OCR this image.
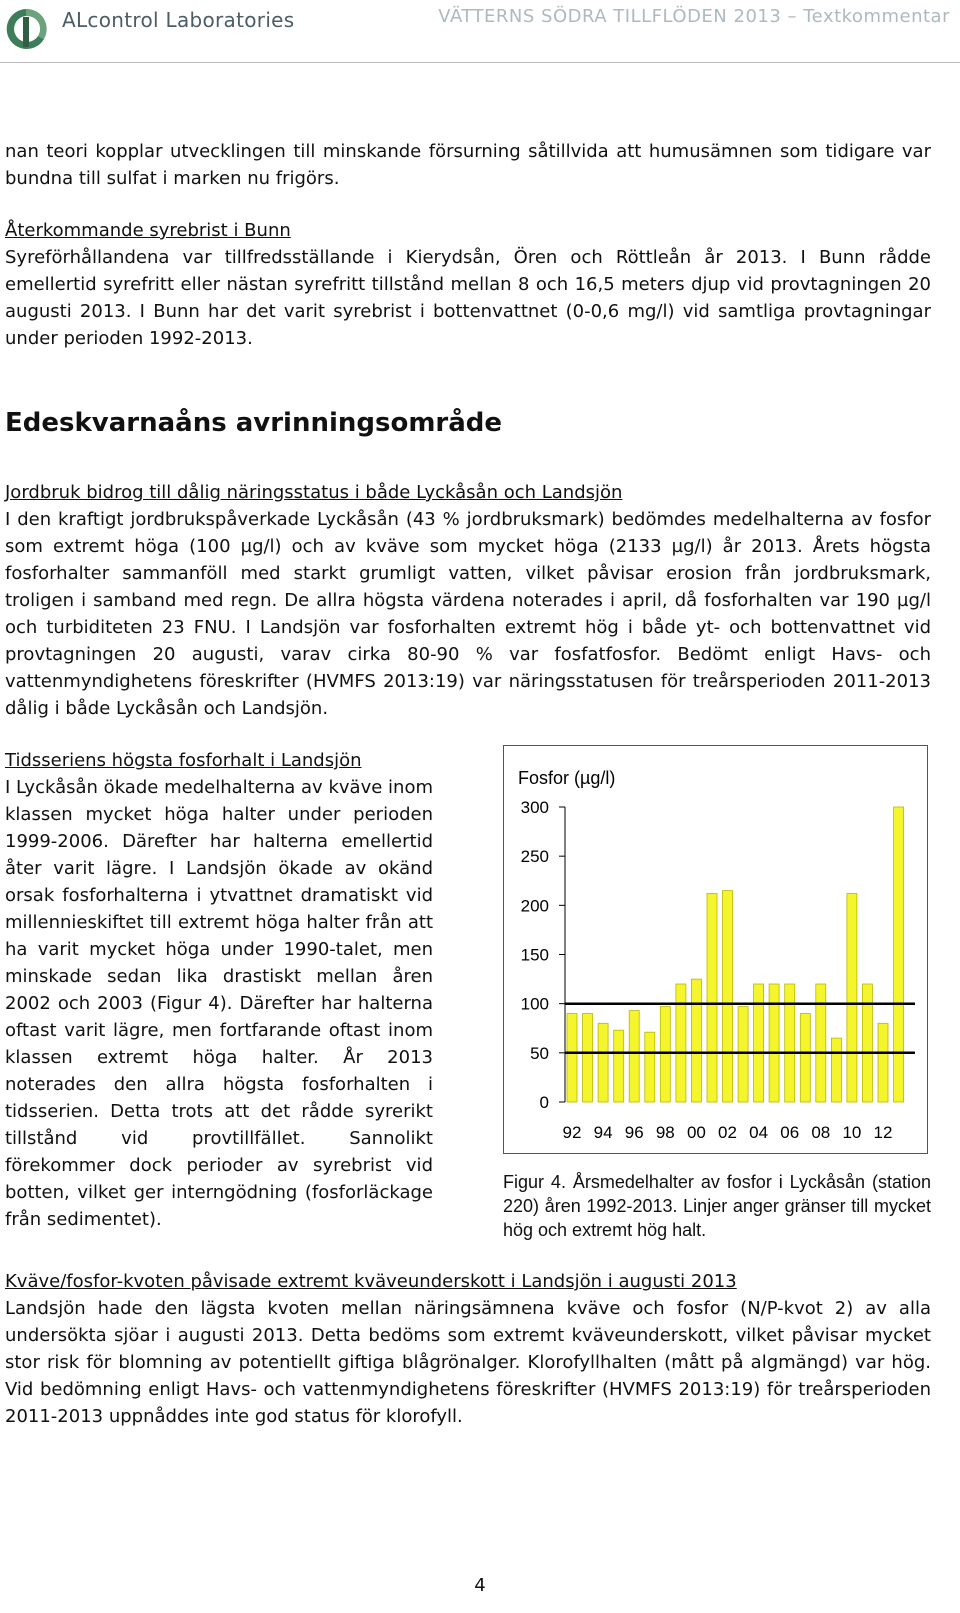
ALcontrol Laboratories	VÄTTERNS SÖDRA TILLFLÖDEN 2013 – Textkommentar

nan teori kopplar utvecklingen till minskande försurning såtillvida att humusämnen som tidigare var bundna till sulfat i marken nu frigörs.

Återkommande syrebrist i Bunn
Syreförhållandena var tillfredsställande i Kierydsån, Ören och Röttleån år 2013. I Bunn rådde emellertid syrefritt eller nästan syrefritt tillstånd mellan 8 och 16,5 meters djup vid provtagningen 20 augusti 2013. I Bunn har det varit syrebrist i bottenvattnet (0-0,6 mg/l) vid samtliga provtagningar under perioden 1992-2013.

Edeskvarnaåns avrinningsområde

Jordbruk bidrog till dålig näringsstatus i både Lyckåsån och Landsjön
I den kraftigt jordbrukspåverkade Lyckåsån (43 % jordbruksmark) bedömdes medelhalterna av fosfor som extremt höga (100 µg/l) och av kväve som mycket höga (2133 µg/l) år 2013. Årets högsta fosforhalter sammanföll med starkt grumligt vatten, vilket påvisar erosion från jordbruksmark, troligen i samband med regn. De allra högsta värdena noterades i april, då fosforhalten var 190 µg/l och turbiditeten 23 FNU. I Landsjön var fosforhalten extremt hög i både yt- och bottenvattnet vid provtagningen 20 augusti, varav cirka 80-90 % var fosfatfosfor. Bedömt enligt Havs- och vattenmyndighetens föreskrifter (HVMFS 2013:19) var näringsstatusen för treårsperioden 2011-2013 dålig i både Lyckåsån och Landsjön.

Tidsseriens högsta fosforhalt i Landsjön
I Lyckåsån ökade medelhalterna av kväve inom klassen mycket höga halter under perioden 1999-2006. Därefter har halterna emellertid åter varit lägre. I Landsjön ökade av okänd orsak fosforhalterna i ytvattnet dramatiskt vid millennieskiftet till extremt höga halter från att ha varit mycket höga under 1990-talet, men minskade sedan lika drastiskt mellan åren 2002 och 2003 (Figur 4). Därefter har halterna oftast varit lägre, men fortfarande oftast inom klassen extremt höga halter. År 2013 noterades den allra högsta fosforhalten i tidsserien. Detta trots att det rådde syrerikt tillstånd vid provtillfället. Sannolikt förekommer dock perioder av syrebrist vid botten, vilket ger interngödning (fosforläckage från sedimentet).

Fosfor (µg/l)
0
50
100
150
200
250
300
92 94 96 98 00 02 04 06 08 10 12

Figur 4. Årsmedelhalter av fosfor i Lyckåsån (station 220) åren 1992-2013. Linjer anger gränser till mycket hög och extremt hög halt.

Kväve/fosfor-kvoten påvisade extremt kväveunderskott i Landsjön i augusti 2013
Landsjön hade den lägsta kvoten mellan näringsämnena kväve och fosfor (N/P-kvot 2) av alla undersökta sjöar i augusti 2013. Detta bedöms som extremt kväveunderskott, vilket påvisar mycket stor risk för blomning av potentiellt giftiga blågrönalger. Klorofyllhalten (mått på algmängd) var hög. Vid bedömning enligt Havs- och vattenmyndighetens föreskrifter (HVMFS 2013:19) för treårsperioden 2011-2013 uppnåddes inte god status för klorofyll.

4
